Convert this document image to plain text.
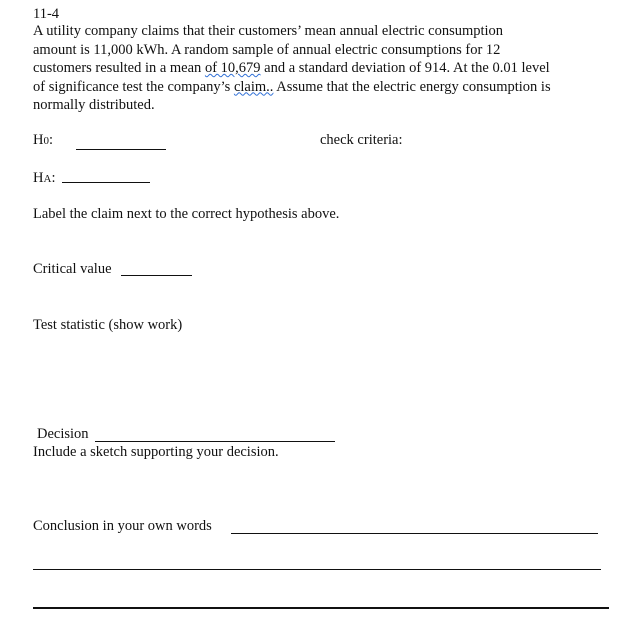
11-4
A utility company claims that their customers’ mean annual electric consumption
amount is 11,000 kWh. A random sample of annual electric consumptions for 12
customers resulted in a mean of 10,679 and a standard deviation of 914. At the 0.01 level
of significance test the company’s claim.. Assume that the electric energy consumption is
normally distributed.
H0:	check criteria:
HA:
Label the claim next to the correct hypothesis above.
Critical value
Test statistic (show work)
Decision
Include a sketch supporting your decision.
Conclusion in your own words
